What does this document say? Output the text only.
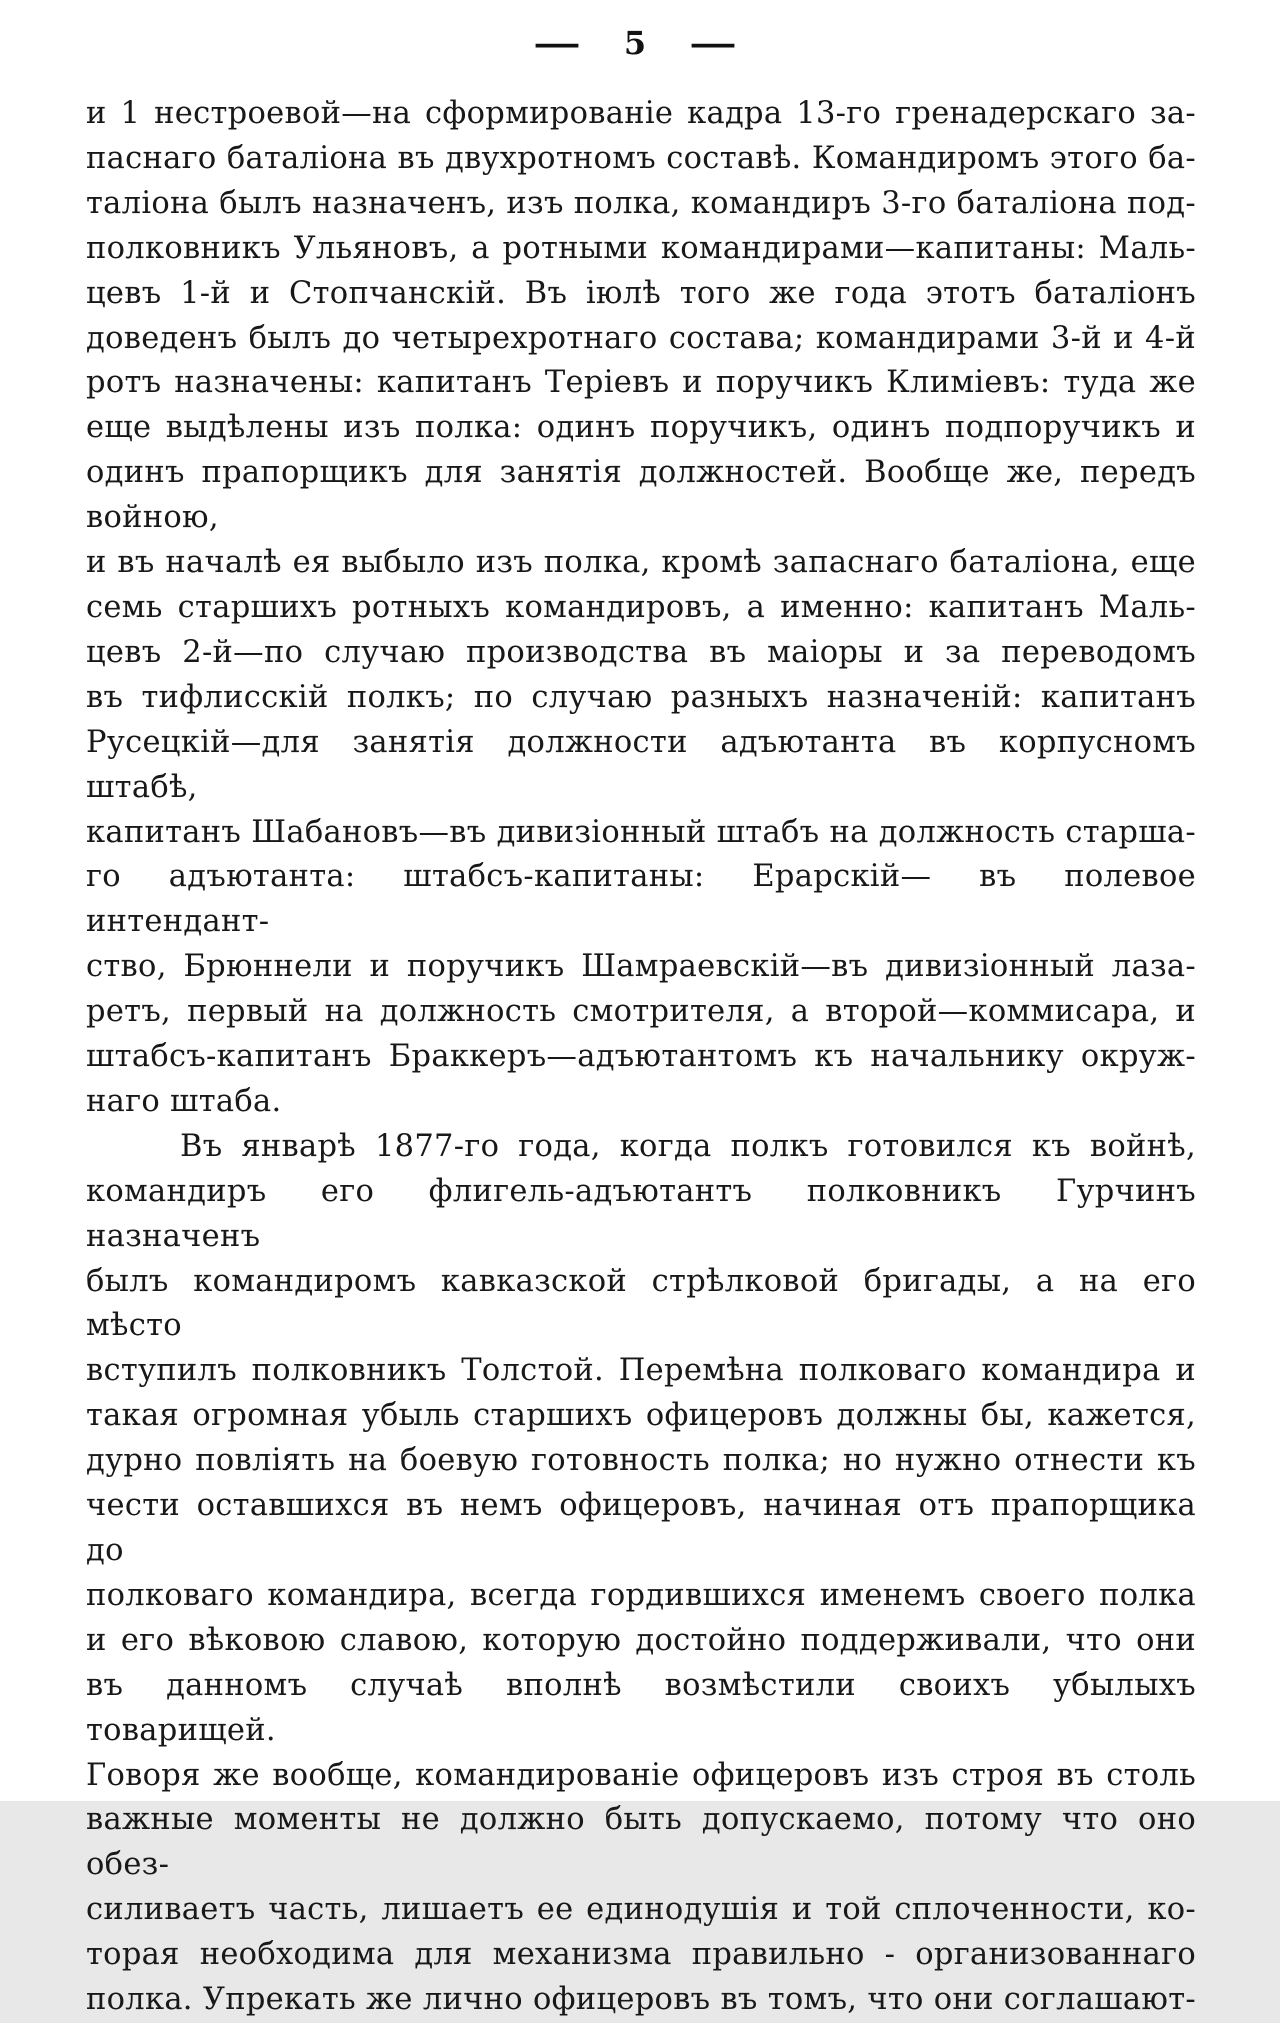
— 5 —
и 1 нестроевой—на сформированіе кадра 13-го гренадерскаго за-
паснаго баталіона въ двухротномъ составѣ. Командиромъ этого ба-
таліона былъ назначенъ, изъ полка, командиръ 3-го баталіона под-
полковникъ Ульяновъ, а ротными командирами—капитаны: Маль-
цевъ 1-й и Стопчанскій. Въ іюлѣ того же года этотъ баталіонъ
доведенъ былъ до четырехротнаго состава; командирами 3-й и 4-й
ротъ назначены: капитанъ Теріевъ и поручикъ Климіевъ: туда же
еще выдѣлены изъ полка: одинъ поручикъ, одинъ подпоручикъ и
одинъ прапорщикъ для занятія должностей. Вообще же, передъ войною,
и въ началѣ ея выбыло изъ полка, кромѣ запаснаго баталіона, еще
семь старшихъ ротныхъ командировъ, а именно: капитанъ Маль-
цевъ 2-й—по случаю производства въ маіоры и за переводомъ
въ тифлисскій полкъ; по случаю разныхъ назначеній: капитанъ
Русецкій—для занятія должности адъютанта въ корпусномъ штабѣ,
капитанъ Шабановъ—въ дивизіонный штабъ на должность старша-
го адъютанта: штабсъ-капитаны: Ерарскій— въ полевое интендант-
ство, Брюннели и поручикъ Шамраевскій—въ дивизіонный лаза-
ретъ, первый на должность смотрителя, а второй—коммисара, и
штабсъ-капитанъ Браккеръ—адъютантомъ къ начальнику окруж-
наго штаба.
Въ январѣ 1877-го года, когда полкъ готовился къ войнѣ,
командиръ его флигель-адъютантъ полковникъ Гурчинъ назначенъ
былъ командиромъ кавказской стрѣлковой бригады, а на его мѣсто
вступилъ полковникъ Толстой. Перемѣна полковаго командира и
такая огромная убыль старшихъ офицеровъ должны бы, кажется,
дурно повліять на боевую готовность полка; но нужно отнести къ
чести оставшихся въ немъ офицеровъ, начиная отъ прапорщика до
полковаго командира, всегда гордившихся именемъ своего полка
и его вѣковою славою, которую достойно поддерживали, что они
въ данномъ случаѣ вполнѣ возмѣстили своихъ убылыхъ товарищей.
Говоря же вообще, командированіе офицеровъ изъ строя въ столь
важные моменты не должно быть допускаемо, потому что оно обез-
силиваетъ часть, лишаетъ ее единодушія и той сплоченности, ко-
торая необходима для механизма правильно - организованнаго
полка. Упрекать же лично офицеровъ въ томъ, что они соглашают-
